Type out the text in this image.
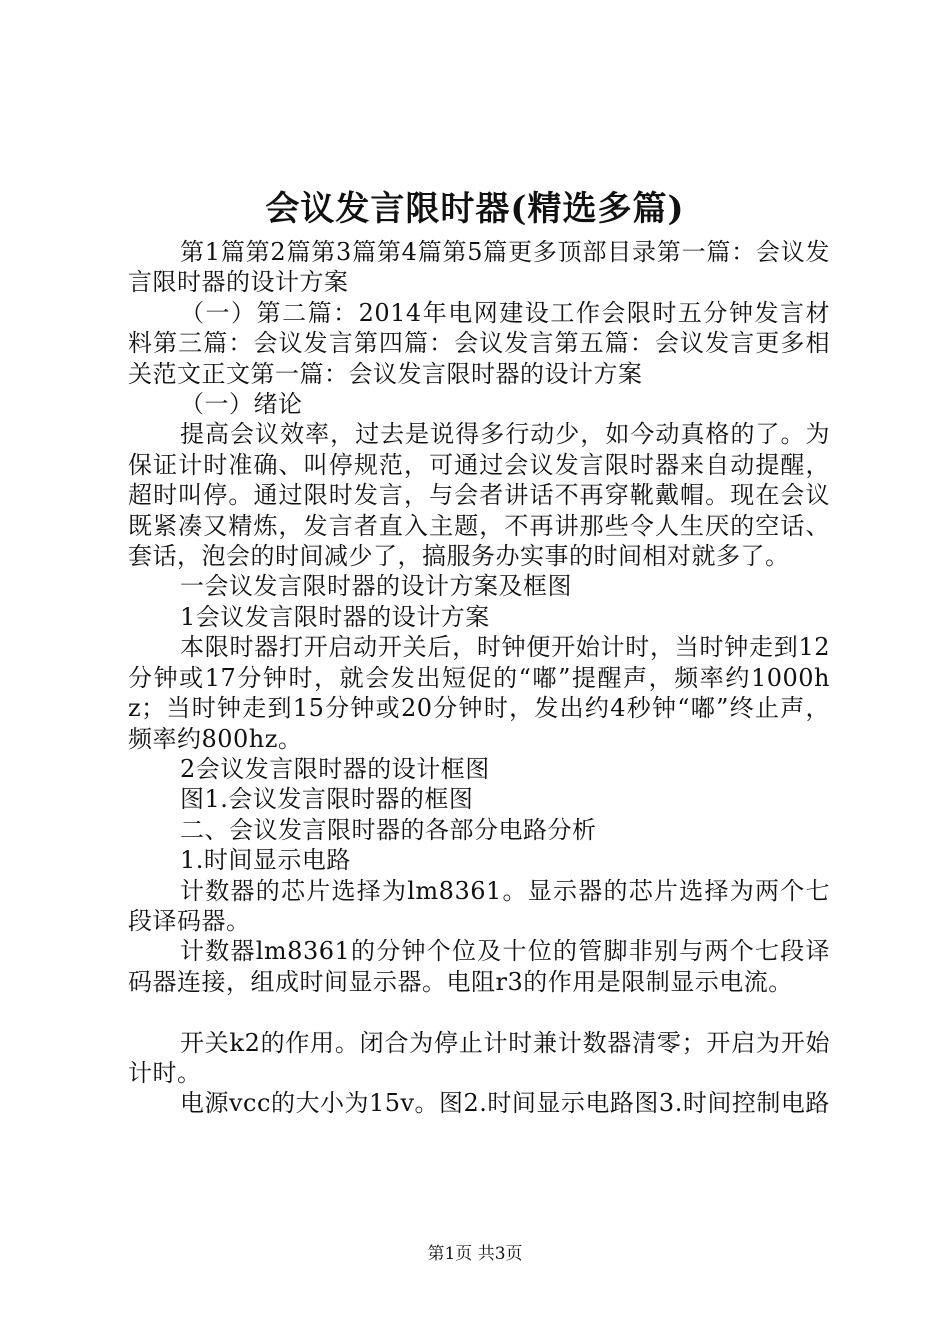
会议发言限时器(精选多篇)

第1篇第2篇第3篇第4篇第5篇更多顶部目录第一篇：会议发言限时器的设计方案

（一）第二篇：2014年电网建设工作会限时五分钟发言材料第三篇：会议发言第四篇：会议发言第五篇：会议发言更多相关范文正文第一篇：会议发言限时器的设计方案

（一）绪论

提高会议效率，过去是说得多行动少，如今动真格的了。为保证计时准确、叫停规范，可通过会议发言限时器来自动提醒，超时叫停。通过限时发言，与会者讲话不再穿靴戴帽。现在会议既紧凑又精炼，发言者直入主题，不再讲那些令人生厌的空话、套话，泡会的时间减少了，搞服务办实事的时间相对就多了。

一会议发言限时器的设计方案及框图

1会议发言限时器的设计方案

本限时器打开启动开关后，时钟便开始计时，当时钟走到12分钟或17分钟时，就会发出短促的“嘟”提醒声，频率约1000hz；当时钟走到15分钟或20分钟时，发出约4秒钟“嘟”终止声，频率约800hz。

2会议发言限时器的设计框图

图1.会议发言限时器的框图

二、会议发言限时器的各部分电路分析

1.时间显示电路

计数器的芯片选择为lm8361。显示器的芯片选择为两个七段译码器。

计数器lm8361的分钟个位及十位的管脚非别与两个七段译码器连接，组成时间显示器。电阻r3的作用是限制显示电流。

开关k2的作用。闭合为停止计时兼计数器清零；开启为开始计时。

电源vcc的大小为15v。图2.时间显示电路图3.时间控制电路

第1页 共3页
